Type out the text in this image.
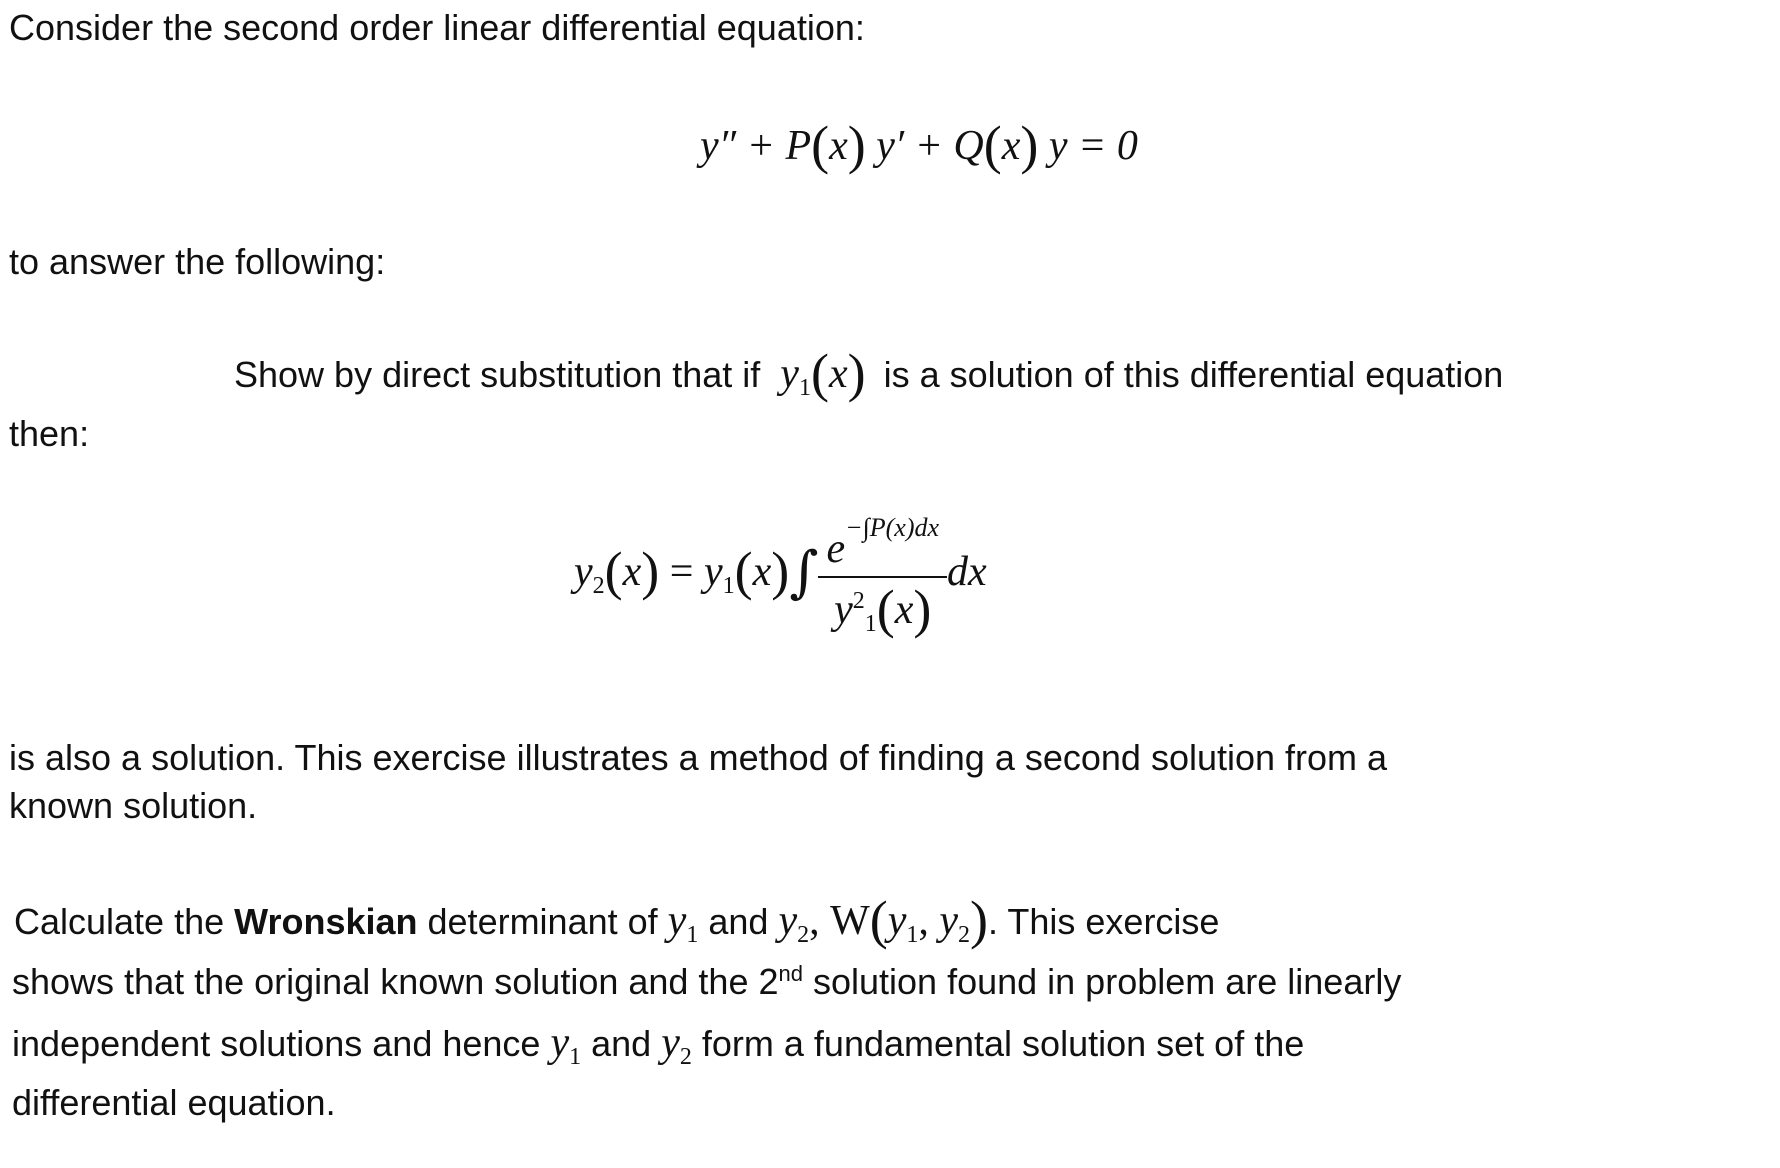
Consider the second order linear differential equation:
y″ + P(x) y′ + Q(x) y = 0
to answer the following:
Show by direct substitution that if $y_1(x)$ is a solution of this differential equation
then:
$y_2(x) = y_1(x)\int \frac{e^{-\int P(x)dx}}{y^2_1(x)}$ dx
is also a solution. This exercise illustrates a method of finding a second solution from a
known solution.
Calculate the Wronskian determinant of $y_1$ and $y_2$, $W(y_1$, $y_2$). This exercise
shows that the original known solution and the 2nd solution found in problem are linearly
independent solutions and hence $y_1$ and $y_2$ form a fundamental solution set of the
differential equation.
